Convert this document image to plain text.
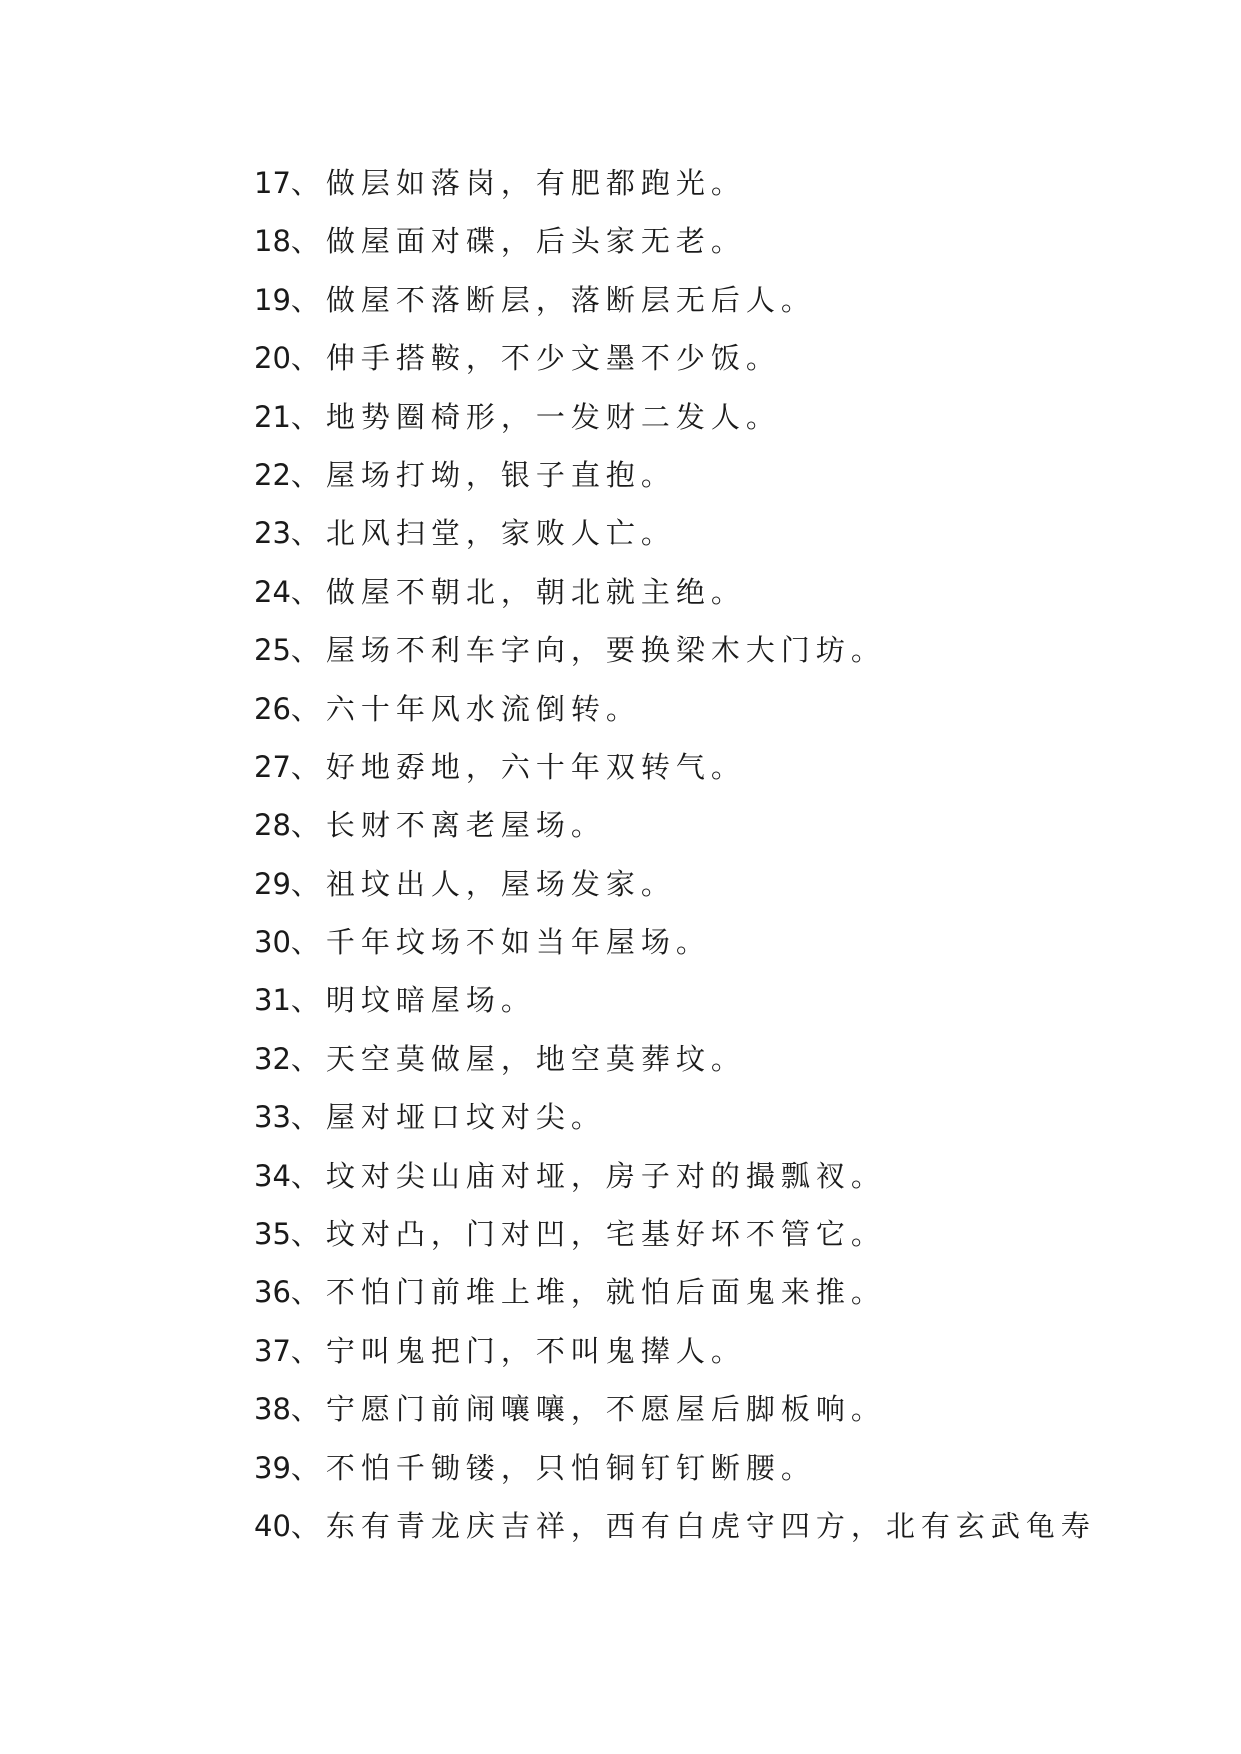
17 、做层如落岗，有肥都跑光。
18 、做屋面对碟，后头家无老。
19 、做屋不落断层，落断层无后人。
20 、伸手搭鞍，不少文墨不少饭。
21 、地势圈椅形，一发财二发人。
22 、屋场打坳，银子直抱。
23 、北风扫堂，家败人亡。
24 、做屋不朝北，朝北就主绝。
25 、屋场不利车字向，要换梁木大门坊。
26 、六十年风水流倒转。
27 、好地孬地，六十年双转气。
28 、长财不离老屋场。
29 、祖坟出人，屋场发家。
30 、千年坟场不如当年屋场。
31 、明坟暗屋场。
32 、天空莫做屋，地空莫葬坟。
33 、屋对垭口坟对尖。
34 、坟对尖山庙对垭，房子对的撮瓢衩。
35 、坟对凸，门对凹，宅基好坏不管它。
36 、不怕门前堆上堆，就怕后面鬼来推。
37 、宁叫鬼把门，不叫鬼撵人。
38 、宁愿门前闹嚷嚷，不愿屋后脚板响。
39 、不怕千锄镂，只怕铜钉钉断腰。
40 、东有青龙庆吉祥，西有白虎守四方，北有玄武龟寿
